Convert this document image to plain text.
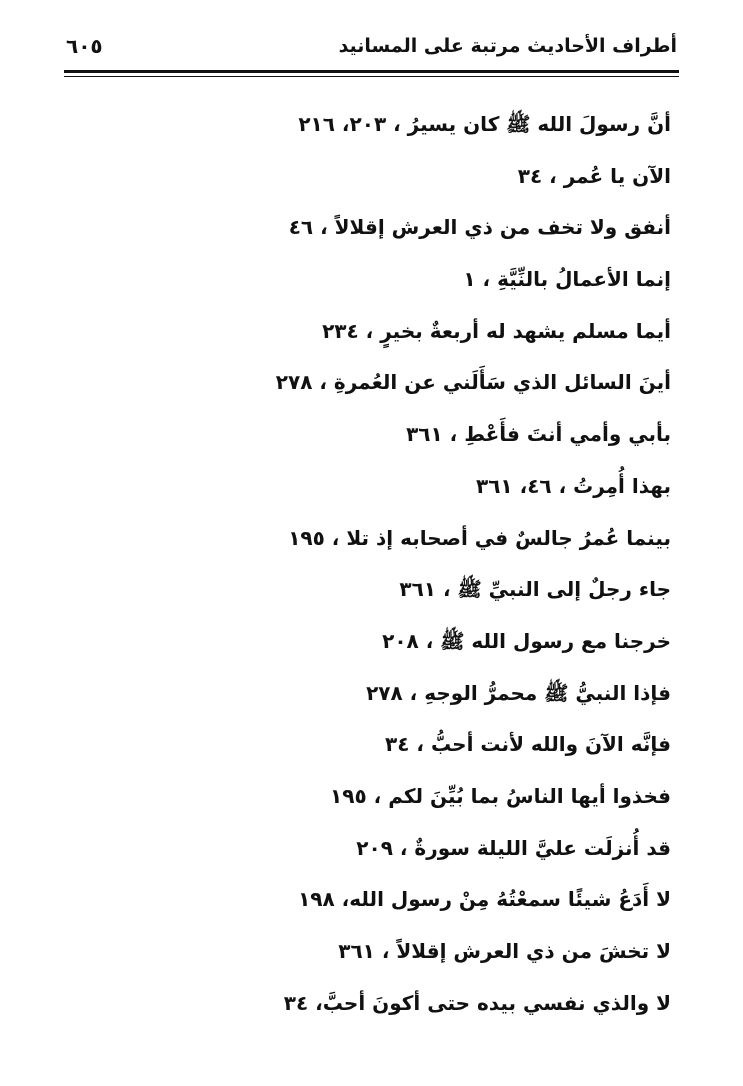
أطراف الأحاديث مرتبة على المسانيد
٦٠٥
أنَّ رسولَ الله ﷺ كان يسيرُ ، ٢٠٣، ٢١٦
الآن يا عُمر ، ٣٤
أنفق ولا تخف من ذي العرش إقلالاً ، ٤٦
إنما الأعمالُ بالنِّيَّةِ ، ١
أيما مسلم يشهد له أربعةٌ بخيرٍ ، ٢٣٤
أينَ السائل الذي سَأَلَني عن العُمرةِ ، ٢٧٨
بأبي وأمي أنتَ فأَعْطِ ، ٣٦١
بهذا أُمِرتُ ، ٤٦، ٣٦١
بينما عُمرُ جالسٌ في أصحابه إذ تلا ، ١٩٥
جاء رجلٌ إلى النبيِّ ﷺ ، ٣٦١
خرجنا مع رسول الله ﷺ ، ٢٠٨
فإذا النبيُّ ﷺ محمرُّ الوجهِ ، ٢٧٨
فإنَّه الآنَ والله لأنت أحبُّ ، ٣٤
فخذوا أيها الناسُ بما بُيِّنَ لكم ، ١٩٥
قد أُنزلَت عليَّ الليلة سورةٌ ، ٢٠٩
لا أَدَعُ شيئًا سمعْتُهُ مِنْ رسول الله، ١٩٨
لا تخشَ من ذي العرش إقلالاً ، ٣٦١
لا والذي نفسي بيده حتى أكونَ أحبَّ، ٣٤
